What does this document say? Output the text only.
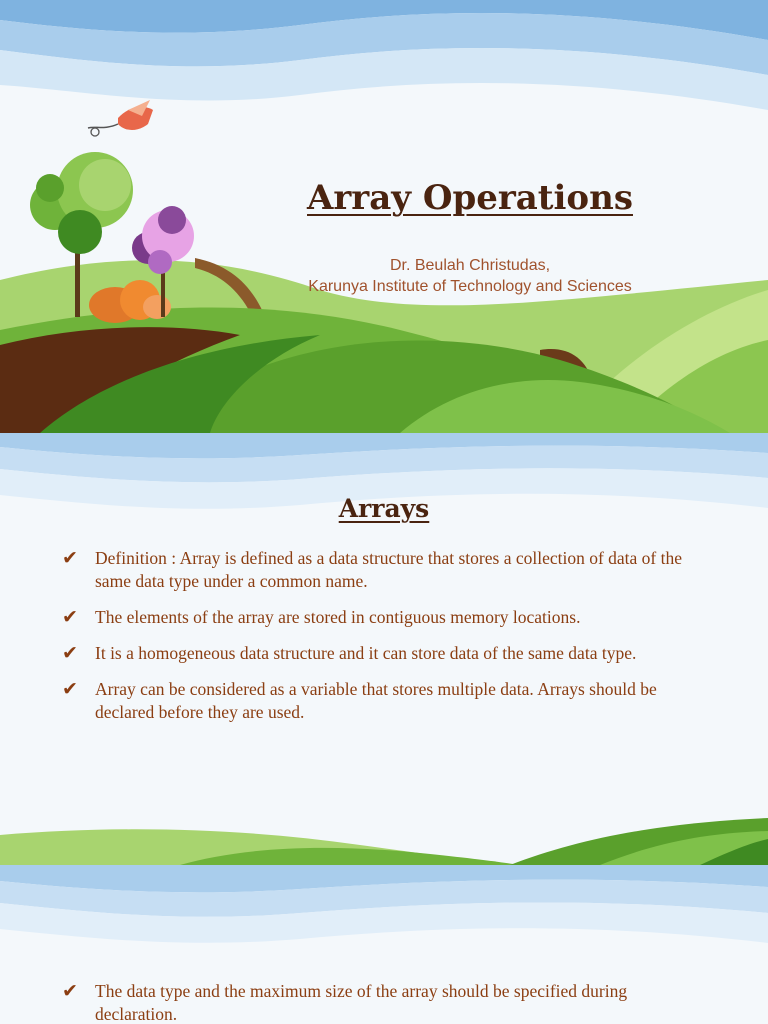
Array Operations
Dr. Beulah Christudas,
Karunya Institute of Technology and Sciences
Arrays
✔ Definition : Array is defined as a data structure that stores a collection of data of the same data type under a common name.
✔ The elements of the array are stored in contiguous memory locations.
✔ It is a homogeneous data structure and it can store data of the same data type.
✔ Array can be considered as a variable that stores multiple data. Arrays should be declared before they are used.
✔ The data type and the maximum size of the array should be specified during declaration.
